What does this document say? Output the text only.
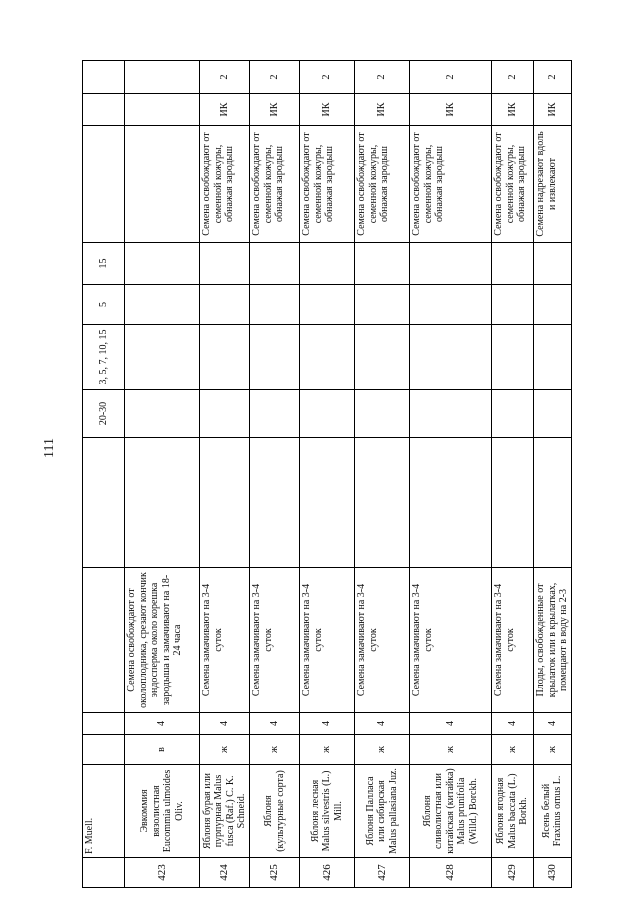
111
	F. Muell.					20-30	3, 5, 7, 10, 15	5	15			
423	Эвкоммия вязолистная Eucommia ulmoides Oliv.	в	4	Семена освобождают от околоплодника, срезают кончик эндосперма около корешка зародыша и замачивают на 18-24 часа								
424	Яблоня бурая или пурпурная Malus fusca (Raf.) C. K. Schneid.	ж	4	Семена замачивают на 3-4 суток						Семена освобождают от семенной кожуры, обнажая зародыш	ИК	2
425	Яблоня (культурные сорта)	ж	4	Семена замачивают на 3-4 суток						Семена освобождают от семенной кожуры, обнажая зародыш	ИК	2
426	Яблоня лесная Malus silvestris (L.) Mill.	ж	4	Семена замачивают на 3-4 суток						Семена освобождают от семенной кожуры, обнажая зародыш	ИК	2
427	Яблоня Палласа или сибирская Malus pallasiana Juz.	ж	4	Семена замачивают на 3-4 суток						Семена освобождают от семенной кожуры, обнажая зародыш	ИК	2
428	Яблоня сливолистная или китайская (китайка) Malus prunifolia (Willd.) Borckh.	ж	4	Семена замачивают на 3-4 суток						Семена освобождают от семенной кожуры, обнажая зародыш	ИК	2
429	Яблоня ягодная Malus baccata (L.) Borkh.	ж	4	Семена замачивают на 3-4 суток						Семена освобождают от семенной кожуры, обнажая зародыш	ИК	2
430	Ясень белый Fraxinus ornus L.	ж	4	Плоды, освобожденные от крылаток или в крылатках, помещают в воду на 2-3						Семена надрезают вдоль и извлекают	ИК	2
